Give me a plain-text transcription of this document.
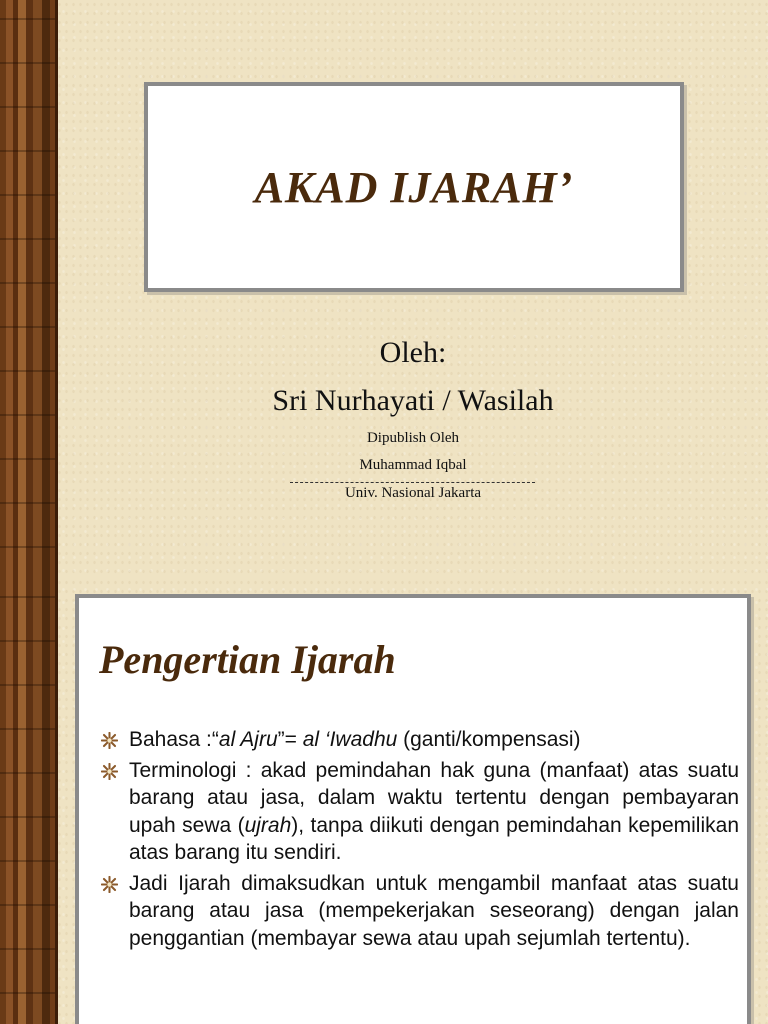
AKAD IJARAH’
Oleh:
Sri Nurhayati / Wasilah
Dipublish Oleh
Muhammad Iqbal
Univ. Nasional Jakarta
Pengertian Ijarah
Bahasa :“al Ajru”= al ‘Iwadhu (ganti/kompensasi)
Terminologi : akad pemindahan hak guna (manfaat) atas suatu barang atau jasa, dalam waktu tertentu dengan pembayaran upah sewa (ujrah), tanpa diikuti dengan pemindahan kepemilikan atas barang itu sendiri.
Jadi Ijarah dimaksudkan untuk mengambil manfaat atas suatu barang atau jasa (mempekerjakan seseorang) dengan jalan penggantian (membayar sewa atau upah sejumlah tertentu).
